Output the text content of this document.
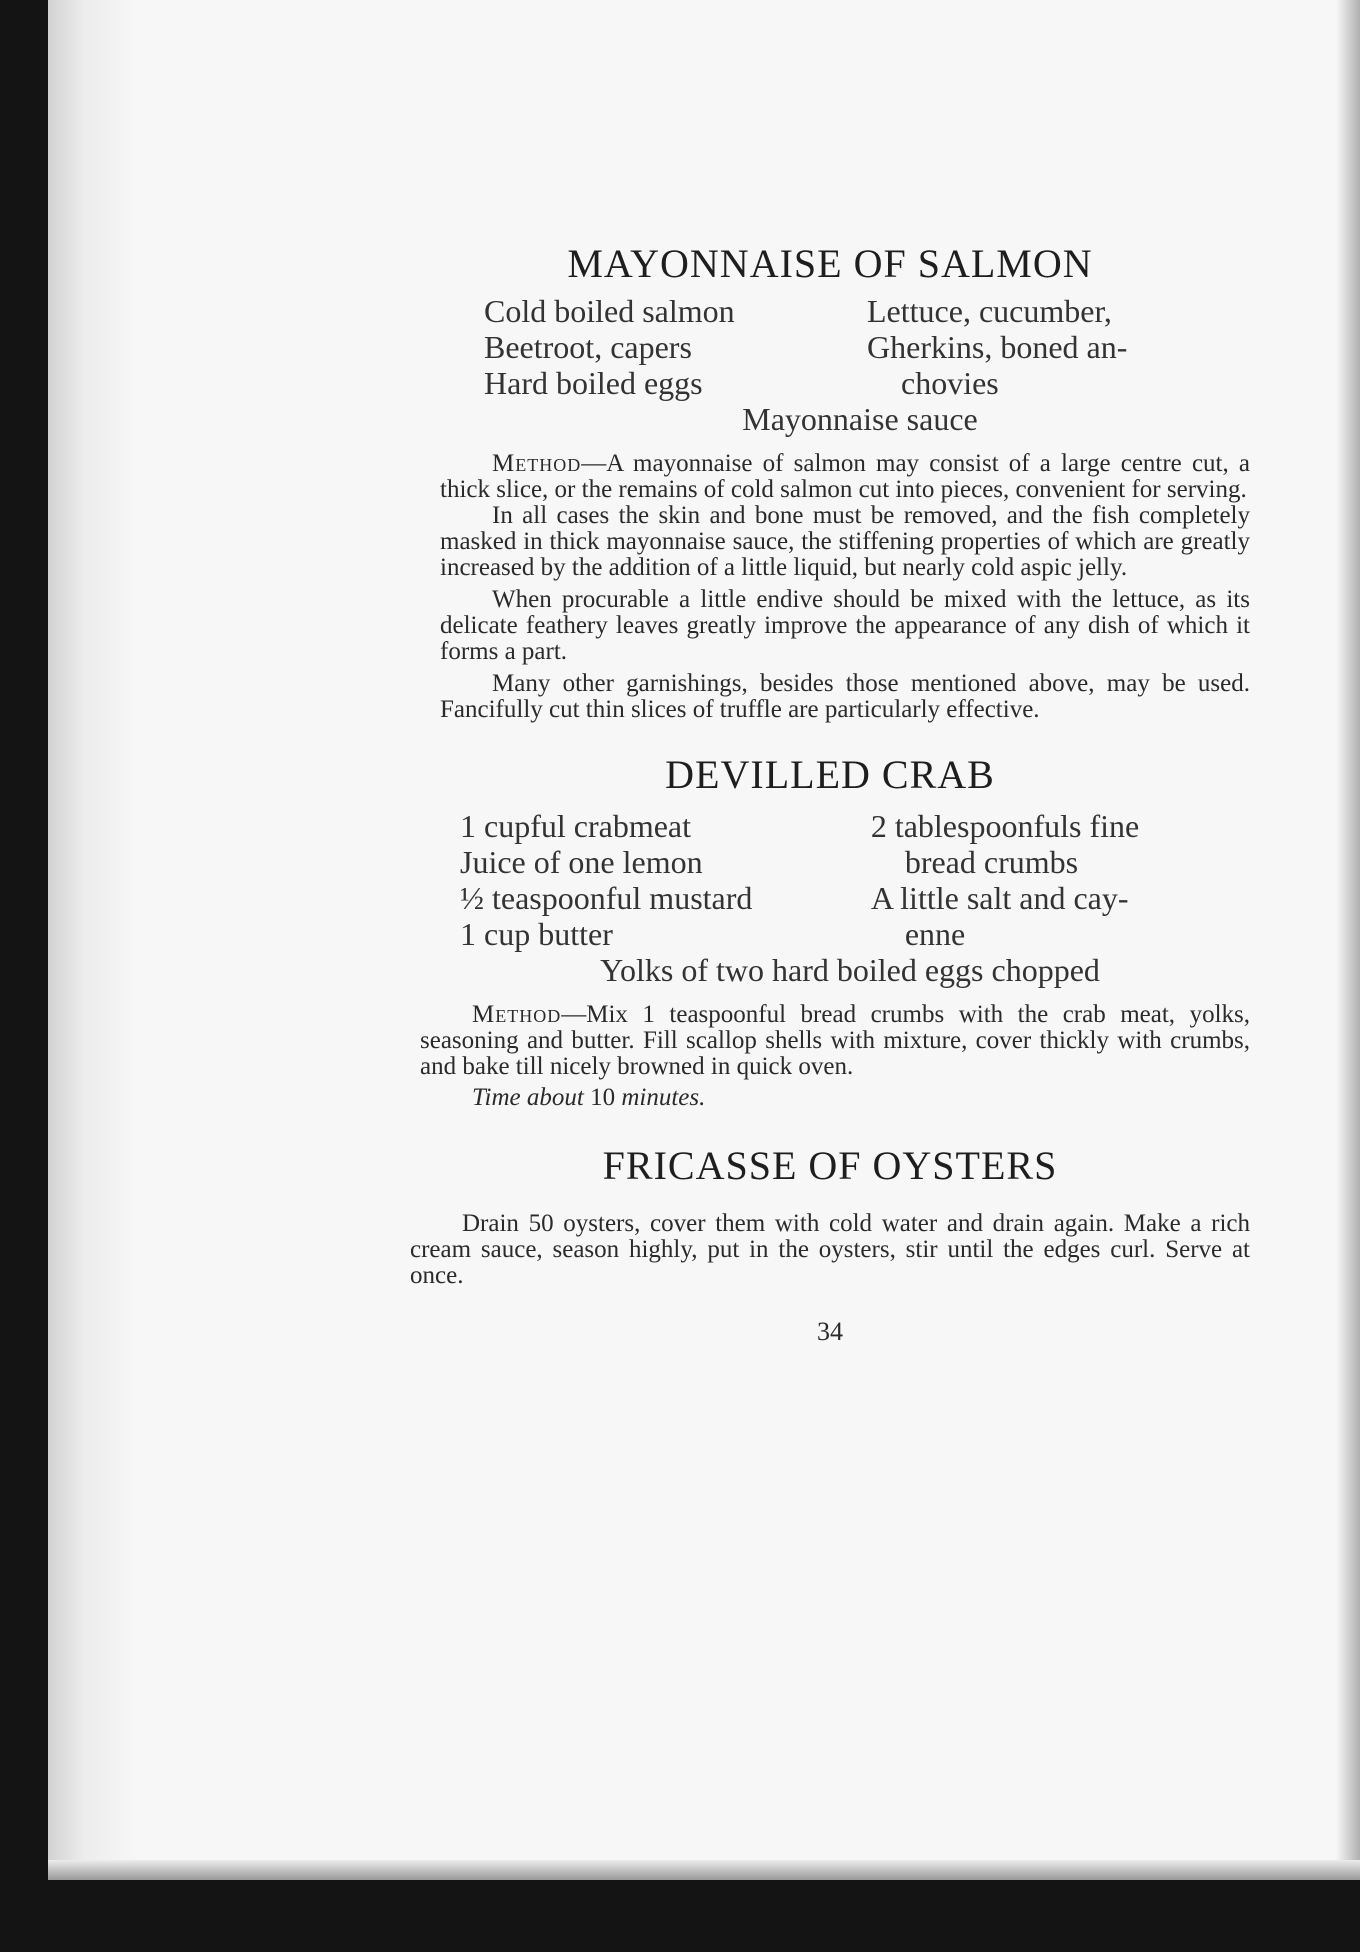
MAYONNAISE OF SALMON
Cold boiled salmon
Beetroot, capers
Hard boiled eggs
Lettuce, cucumber,
Gherkins, boned an-
chovies
Mayonnaise sauce

Method—A mayonnaise of salmon may consist of a large centre cut, a thick slice, or the remains of cold salmon cut into pieces, convenient for serving.

In all cases the skin and bone must be removed, and the fish completely masked in thick mayonnaise sauce, the stiffening properties of which are greatly increased by the addition of a little liquid, but nearly cold aspic jelly.

When procurable a little endive should be mixed with the lettuce, as its delicate feathery leaves greatly improve the appearance of any dish of which it forms a part.

Many other garnishings, besides those mentioned above, may be used. Fancifully cut thin slices of truffle are particularly effective.

DEVILLED CRAB
1 cupful crabmeat
Juice of one lemon
½ teaspoonful mustard
1 cup butter
2 tablespoonfuls fine
bread crumbs
A little salt and cay-
enne
Yolks of two hard boiled eggs chopped

Method—Mix 1 teaspoonful bread crumbs with the crab meat, yolks, seasoning and butter. Fill scallop shells with mixture, cover thickly with crumbs, and bake till nicely browned in quick oven.

Time about 10 minutes.
FRICASSE OF OYSTERS

Drain 50 oysters, cover them with cold water and drain again. Make a rich cream sauce, season highly, put in the oysters, stir until the edges curl. Serve at once.

34
